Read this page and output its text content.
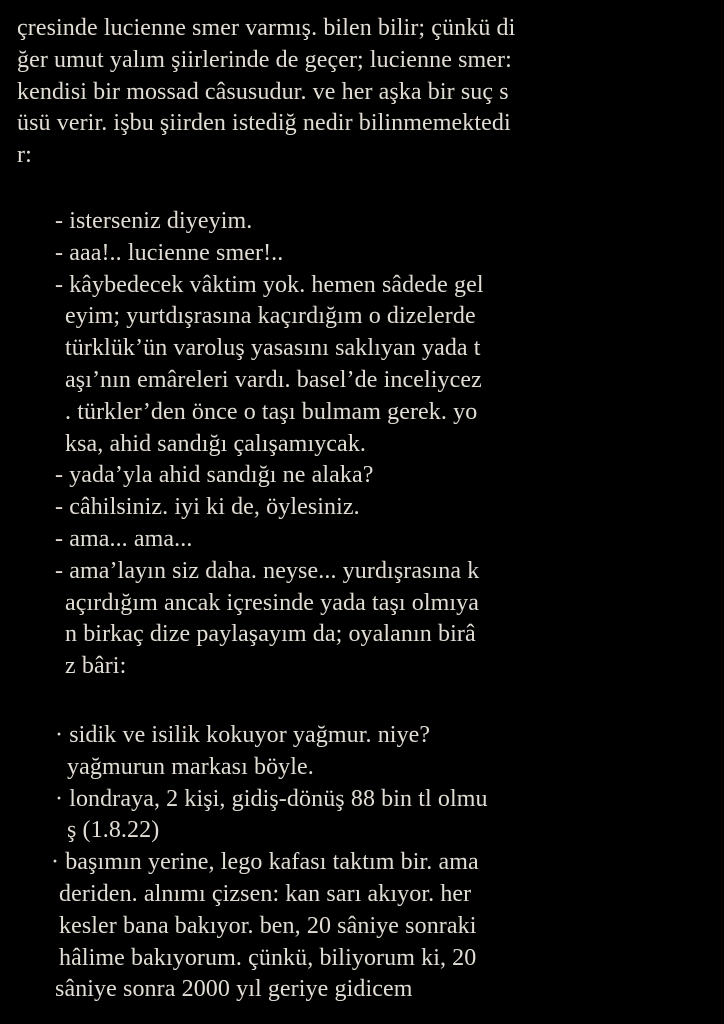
çresinde lucienne smer varmış. bilen bilir; çünkü di
ğer umut yalım şiirlerinde de geçer; lucienne smer:
kendisi bir mossad câsusudur. ve her aşka bir suç s
üsü verir. işbu şiirden istediğ nedir bilinmemektedi
r:
- isterseniz diyeyim.
- aaa!.. lucienne smer!..
- kâybedecek vâktim yok. hemen sâdede gel
eyim; yurtdışrasına kaçırdığım o dizelerde
türklük’ün varoluş yasasını saklıyan yada t
aşı’nın emâreleri vardı. basel’de inceliycez
. türkler’den önce o taşı bulmam gerek. yo
ksa, ahid sandığı çalışamıycak.
- yada’yla ahid sandığı ne alaka?
- câhilsiniz. iyi ki de, öylesiniz.
- ama... ama...
- ama’layın siz daha. neyse... yurdışrasına k
açırdığım ancak içresinde yada taşı olmıya
n birkaç dize paylaşayım da; oyalanın birâ
z bâri:
· sidik ve isilik kokuyor yağmur. niye?
yağmurun markası böyle.
· londraya, 2 kişi, gidiş-dönüş 88 bin tl olmu
ş (1.8.22)
· başımın yerine, lego kafası taktım bir. ama
deriden. alnımı çizsen: kan sarı akıyor. her
kesler bana bakıyor. ben, 20 sâniye sonraki
hâlime bakıyorum. çünkü, biliyorum ki, 20
sâniye sonra 2000 yıl geriye gidicem
